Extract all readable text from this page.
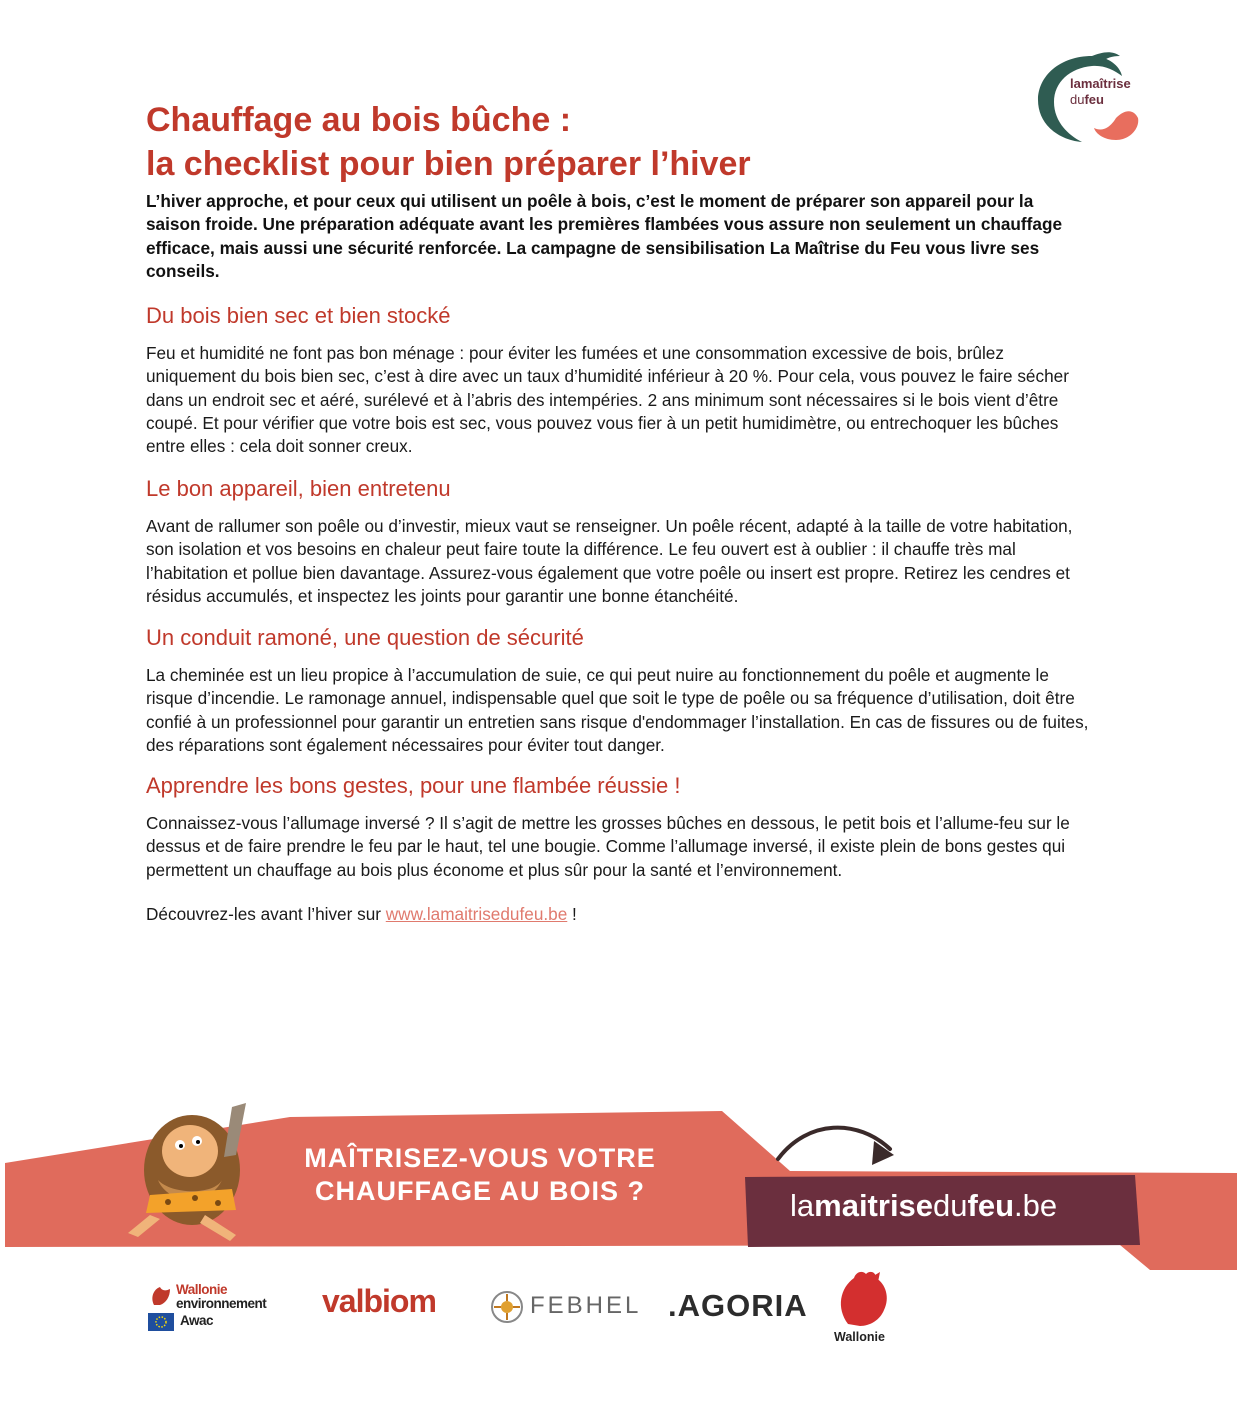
lamaîtrise
dufeu
Chauffage au bois bûche :
la checklist pour bien préparer l’hiver

L’hiver approche, et pour ceux qui utilisent un poêle à bois, c’est le moment de préparer son appareil pour la saison froide. Une préparation adéquate avant les premières flambées vous assure non seulement un chauffage efficace, mais aussi une sécurité renforcée. La campagne de sensibilisation La Maîtrise du Feu vous livre ses conseils.

Du bois bien sec et bien stocké

Feu et humidité ne font pas bon ménage : pour éviter les fumées et une consommation excessive de bois, brûlez uniquement du bois bien sec, c’est à dire avec un taux d’humidité inférieur à 20 %. Pour cela, vous pouvez le faire sécher dans un endroit sec et aéré, surélevé et à l’abris des intempéries. 2 ans minimum sont nécessaires si le bois vient d’être coupé. Et pour vérifier que votre bois est sec, vous pouvez vous fier à un petit humidimètre, ou entrechoquer les bûches entre elles : cela doit sonner creux.

Le bon appareil, bien entretenu

Avant de rallumer son poêle ou d’investir, mieux vaut se renseigner. Un poêle récent, adapté à la taille de votre habitation, son isolation et vos besoins en chaleur peut faire toute la différence. Le feu ouvert est à oublier : il chauffe très mal l’habitation et pollue bien davantage. Assurez-vous également que votre poêle ou insert est propre. Retirez les cendres et résidus accumulés, et inspectez les joints pour garantir une bonne étanchéité.

Un conduit ramoné, une question de sécurité

La cheminée est un lieu propice à l’accumulation de suie, ce qui peut nuire au fonctionnement du poêle et augmente le risque d’incendie. Le ramonage annuel, indispensable quel que soit le type de poêle ou sa fréquence d’utilisation, doit être confié à un professionnel pour garantir un entretien sans risque d'endommager l’installation. En cas de fissures ou de fuites, des réparations sont également nécessaires pour éviter tout danger.

Apprendre les bons gestes, pour une flambée réussie !

Connaissez-vous l’allumage inversé ? Il s’agit de mettre les grosses bûches en dessous, le petit bois et l’allume-feu sur le dessus et de faire prendre le feu par le haut, tel une bougie. Comme l’allumage inversé, il existe plein de bons gestes qui permettent un chauffage au bois plus économe et plus sûr pour la santé et l’environnement.

Découvrez-les avant l’hiver sur www.lamaitrisedufeu.be !

MAÎTRISEZ-VOUS VOTRE
CHAUFFAGE AU BOIS ?	lamaitrisedufeu.be
Wallonie
environnement
Awac
valbiom	FEBHEL .AGORIA
Wallonie
